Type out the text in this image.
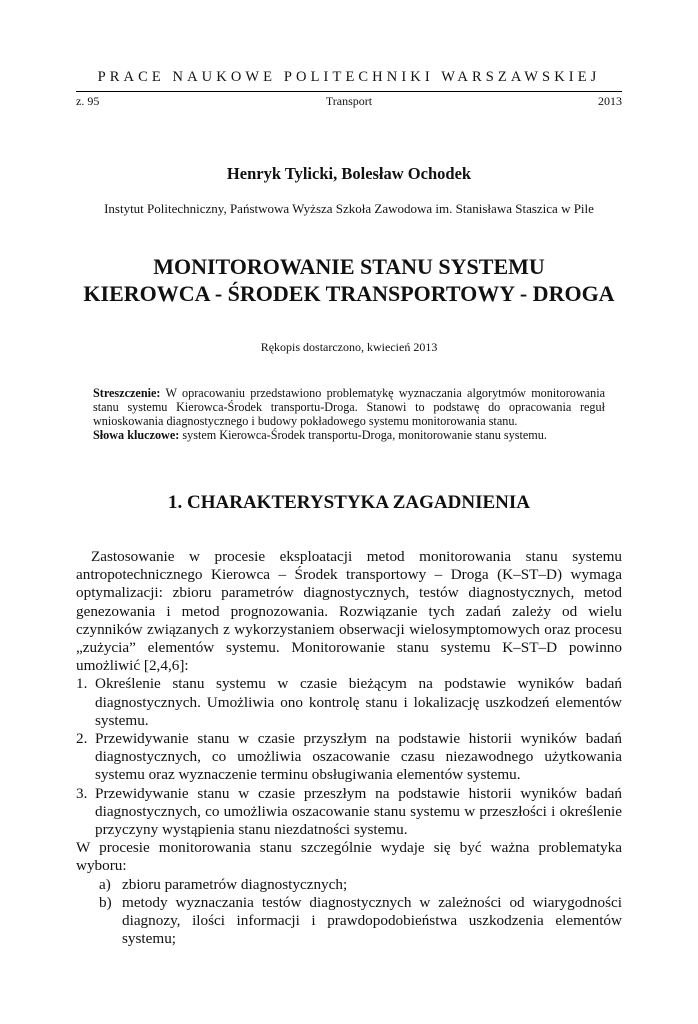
PRACE NAUKOWE POLITECHNIKI WARSZAWSKIEJ
z. 95	Transport	2013
Henryk Tylicki, Bolesław Ochodek
Instytut Politechniczny, Państwowa Wyższa Szkoła Zawodowa im. Stanisława Staszica w Pile
MONITOROWANIE STANU SYSTEMU
KIEROWCA - ŚRODEK TRANSPORTOWY - DROGA
Rękopis dostarczono, kwiecień 2013

Streszczenie: W opracowaniu przedstawiono problematykę wyznaczania algorytmów monitorowania stanu systemu Kierowca-Środek transportu-Droga. Stanowi to podstawę do opracowania reguł wnioskowania diagnostycznego i budowy pokładowego systemu monitorowania stanu.

Słowa kluczowe: system Kierowca-Środek transportu-Droga, monitorowanie stanu systemu.

1. CHARAKTERYSTYKA ZAGADNIENIA

Zastosowanie w procesie eksploatacji metod monitorowania stanu systemu antropotechnicznego Kierowca – Środek transportowy – Droga (K–ST–D) wymaga optymalizacji: zbioru parametrów diagnostycznych, testów diagnostycznych, metod genezowania i metod prognozowania. Rozwiązanie tych zadań zależy od wielu czynników związanych z wykorzystaniem obserwacji wielosymptomowych oraz procesu „zużycia” elementów systemu. Monitorowanie stanu systemu K–ST–D powinno umożliwić [2,4,6]:

1. Określenie stanu systemu w czasie bieżącym na podstawie wyników badań diagnostycznych. Umożliwia ono kontrolę stanu i lokalizację uszkodzeń elementów systemu.
2. Przewidywanie stanu w czasie przyszłym na podstawie historii wyników badań diagnostycznych, co umożliwia oszacowanie czasu niezawodnego użytkowania systemu oraz wyznaczenie terminu obsługiwania elementów systemu.
3. Przewidywanie stanu w czasie przeszłym na podstawie historii wyników badań diagnostycznych, co umożliwia oszacowanie stanu systemu w przeszłości i określenie przyczyny wystąpienia stanu niezdatności systemu.

W procesie monitorowania stanu szczególnie wydaje się być ważna problematyka wyboru:

a) zbioru parametrów diagnostycznych;
b) metody wyznaczania testów diagnostycznych w zależności od wiarygodności diagnozy, ilości informacji i prawdopodobieństwa uszkodzenia elementów systemu;
